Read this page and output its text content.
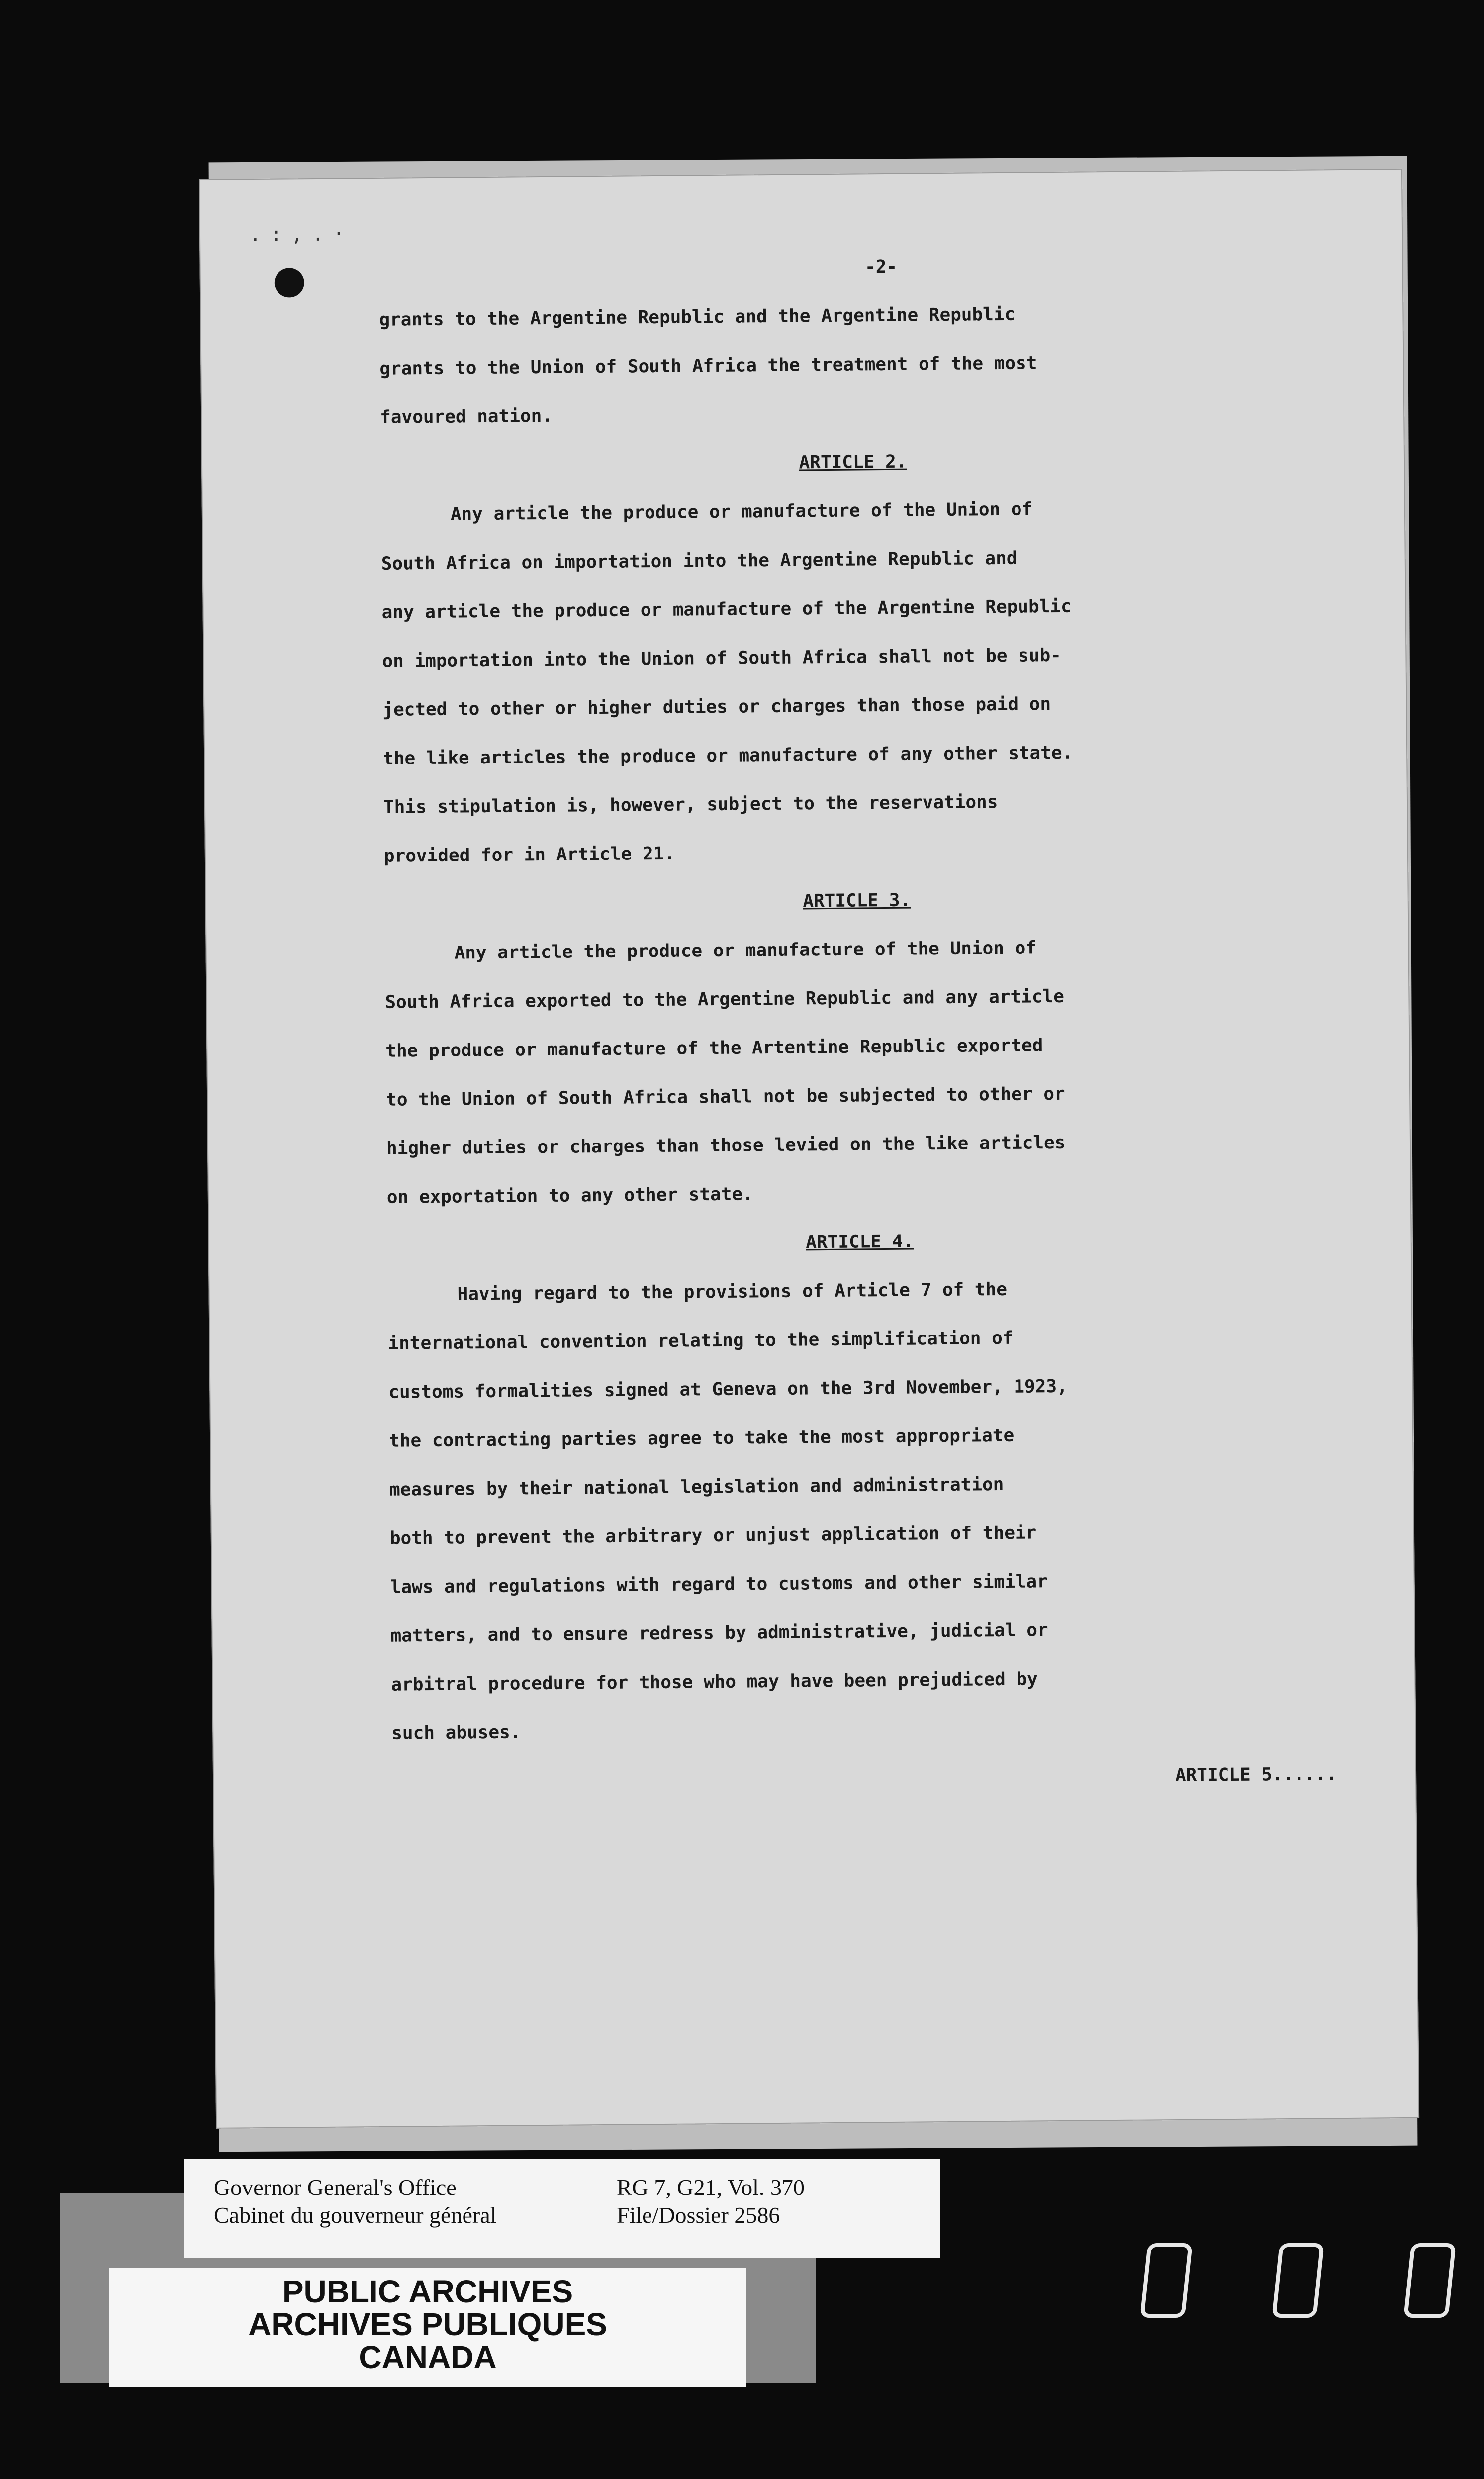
.:,.·
-2-

grants to the Argentine Republic and the Argentine Republic

grants to the Union of South Africa the treatment of the most

favoured nation.

ARTICLE 2.

Any article the produce or manufacture of the Union of

South Africa on importation into the Argentine Republic and

any article the produce or manufacture of the Argentine Republic

on importation into the Union of South Africa shall not be sub-

jected to other or higher duties or charges than those paid on

the like articles the produce or manufacture of any other state.

This stipulation is, however, subject to the reservations

provided for in Article 21.

ARTICLE 3.

Any article the produce or manufacture of the Union of

South Africa exported to the Argentine Republic and any article

the produce or manufacture of the Artentine Republic exported

to the Union of South Africa shall not be subjected to other or

higher duties or charges than those levied on the like articles

on exportation to any other state.

ARTICLE 4.

Having regard to the provisions of Article 7 of the

international convention relating to the simplification of

customs formalities signed at Geneva on the 3rd November, 1923,

the contracting parties agree to take the most appropriate

measures by their national legislation and administration

both to prevent the arbitrary or unjust application of their

laws and regulations with regard to customs and other similar

matters, and to ensure redress by administrative, judicial or

arbitral procedure for those who may have been prejudiced by

such abuses.

ARTICLE 5......

Governor General's Office
Cabinet du gouverneur général
RG 7, G21, Vol. 370
File/Dossier 2586
PUBLIC ARCHIVES
ARCHIVES PUBLIQUES
CANADA
